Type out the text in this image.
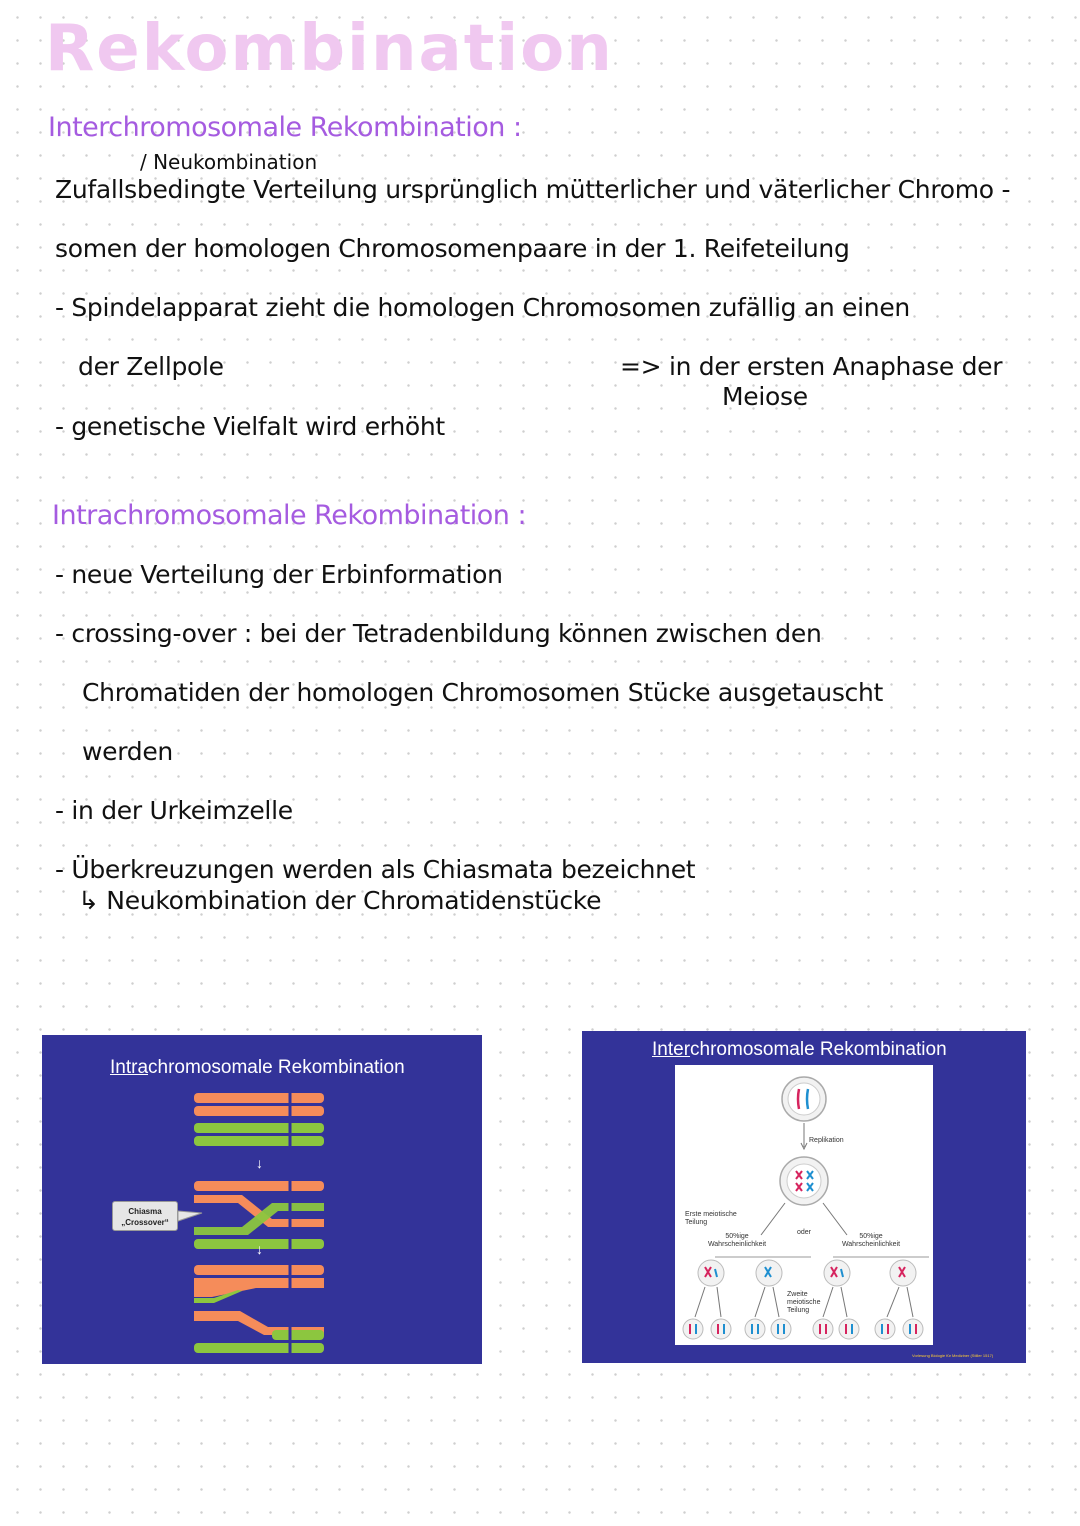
Rekombination
Interchromosomale Rekombination :
/ Neukombination
Zufallsbedingte Verteilung ursprünglich mütterlicher und väterlicher Chromo -
somen der homologen Chromosomenpaare in der 1. Reifeteilung
- Spindelapparat zieht die homologen Chromosomen zufällig an einen
der Zellpole	=> in der ersten Anaphase der
Meiose
- genetische Vielfalt wird erhöht
Intrachromosomale Rekombination :
- neue Verteilung der Erbinformation
- crossing-over : bei der Tetradenbildung können zwischen den
Chromatiden der homologen Chromosomen Stücke ausgetauscht
werden
- in der Urkeimzelle
- Überkreuzungen werden als Chiasmata bezeichnet
↳ Neukombination der Chromatidenstücke
Intrachromosomale Rekombination
↓
↓
Chiasma
„Crossover“
Interchromosomale Rekombination
Replikation
Erste meiotische
Teilung
oder
50%ige
Wahrscheinlichkeit
50%ige
Wahrscheinlichkeit
Zweite
meiotische
Teilung
Vorlesung Biologie für Mediziner (Stiller 1517)
